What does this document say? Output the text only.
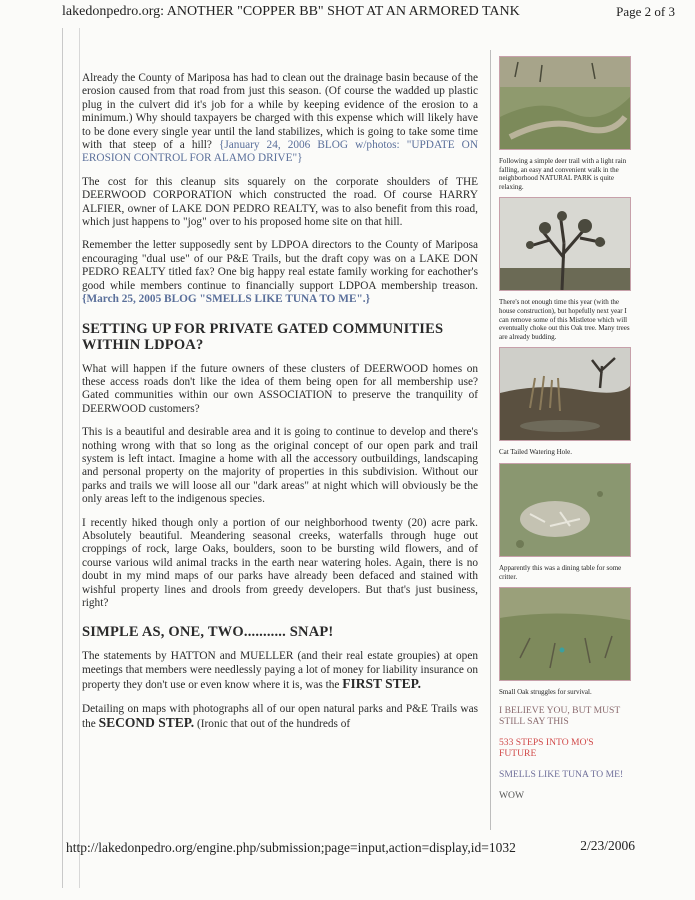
lakedonpedro.org: ANOTHER "COPPER BB" SHOT AT AN ARMORED TANK	Page 2 of 3

Already the County of Mariposa has had to clean out the drainage basin because of the erosion caused from that road from just this season. (Of course the wadded up plastic plug in the culvert did it's job for a while by keeping evidence of the erosion to a minimum.) Why should taxpayers be charged with this expense which will likely have to be done every single year until the land stabilizes, which is going to take some time with that steep of a hill? {January 24, 2006 BLOG w/photos: "UPDATE ON EROSION CONTROL FOR ALAMO DRIVE"}

The cost for this cleanup sits squarely on the corporate shoulders of THE DEERWOOD CORPORATION which constructed the road. Of course HARRY ALFIER, owner of LAKE DON PEDRO REALTY, was to also benefit from this road, which just happens to "jog" over to his proposed home site on that hill.

Remember the letter supposedly sent by LDPOA directors to the County of Mariposa encouraging "dual use" of our P&E Trails, but the draft copy was on a LAKE DON PEDRO REALTY titled fax? One big happy real estate family working for eachother's good while members continue to financially support LDPOA membership treason. {March 25, 2005 BLOG "SMELLS LIKE TUNA TO ME".}

SETTING UP FOR PRIVATE GATED COMMUNITIES WITHIN LDPOA?

What will happen if the future owners of these clusters of DEERWOOD homes on these access roads don't like the idea of them being open for all membership use? Gated communities within our own ASSOCIATION to preserve the tranquility of DEERWOOD customers?

This is a beautiful and desirable area and it is going to continue to develop and there's nothing wrong with that so long as the original concept of our open park and trail system is left intact. Imagine a home with all the accessory outbuildings, landscaping and personal property on the majority of properties in this subdivision. Without our parks and trails we will loose all our "dark areas" at night which will obviously be the only areas left to the indigenous species.

I recently hiked though only a portion of our neighborhood twenty (20) acre park. Absolutely beautiful. Meandering seasonal creeks, waterfalls through huge out croppings of rock, large Oaks, boulders, soon to be bursting wild flowers, and of course various wild animal tracks in the earth near watering holes. Again, there is no doubt in my mind maps of our parks have already been defaced and stained with wishful property lines and drools from greedy developers. But that's just business, right?

SIMPLE AS, ONE, TWO........... SNAP!

The statements by HATTON and MUELLER (and their real estate groupies) at open meetings that members were needlessly paying a lot of money for liability insurance on property they don't use or even know where it is, was the FIRST STEP.

Detailing on maps with photographs all of our open natural parks and P&E Trails was the SECOND STEP. (Ironic that out of the hundreds of

Following a simple deer trail with a light rain falling, an easy and convenient walk in the neighborhood NATURAL PARK is quite relaxing.
There's not enough time this year (with the house construction), but hopefully next year I can remove some of this Mistletoe which will eventually choke out this Oak tree. Many trees are already budding.
Cat Tailed Watering Hole.
Apparently this was a dining table for some critter.
Small Oak struggles for survival.
I BELIEVE YOU, BUT MUST STILL SAY THIS
533 STEPS INTO MO'S FUTURE
SMELLS LIKE TUNA TO ME!
WOW
http://lakedonpedro.org/engine.php/submission;page=input,action=display,id=1032	2/23/2006
